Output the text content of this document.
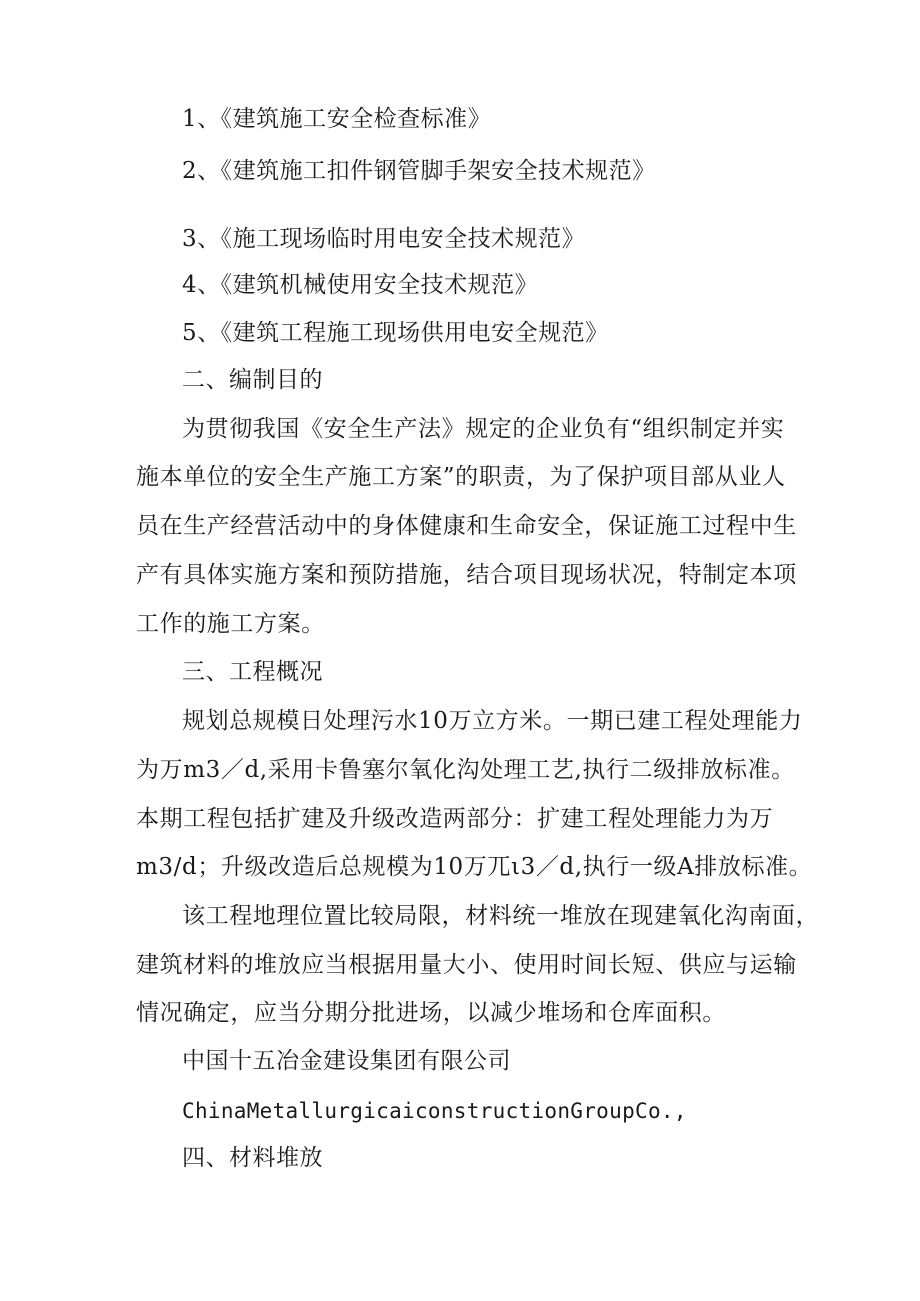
1、《建筑施工安全检查标准》
2、《建筑施工扣件钢管脚手架安全技术规范》
3、《施工现场临时用电安全技术规范》
4、《建筑机械使用安全技术规范》
5、《建筑工程施工现场供用电安全规范》
二、编制目的
为贯彻我国《安全生产法》规定的企业负有“组织制定并实
施本单位的安全生产施工方案”的职责，为了保护项目部从业人
员在生产经营活动中的身体健康和生命安全，保证施工过程中生
产有具体实施方案和预防措施，结合项目现场状况，特制定本项
工作的施工方案。
三、工程概况
规划总规模日处理污水10万立方米。一期已建工程处理能力
为万m3／d,采用卡鲁塞尔氧化沟处理工艺,执行二级排放标准。
本期工程包括扩建及升级改造两部分：扩建工程处理能力为万
m3/d；升级改造后总规模为10万ㄫι3／d,执行一级A排放标准。
该工程地理位置比较局限，材料统一堆放在现建氧化沟南面，
建筑材料的堆放应当根据用量大小、使用时间长短、供应与运输
情况确定，应当分期分批进场，以减少堆场和仓库面积。
中国十五冶金建设集团有限公司
ChinaMetallurgicaiconstructionGroupCo.,
四、材料堆放
